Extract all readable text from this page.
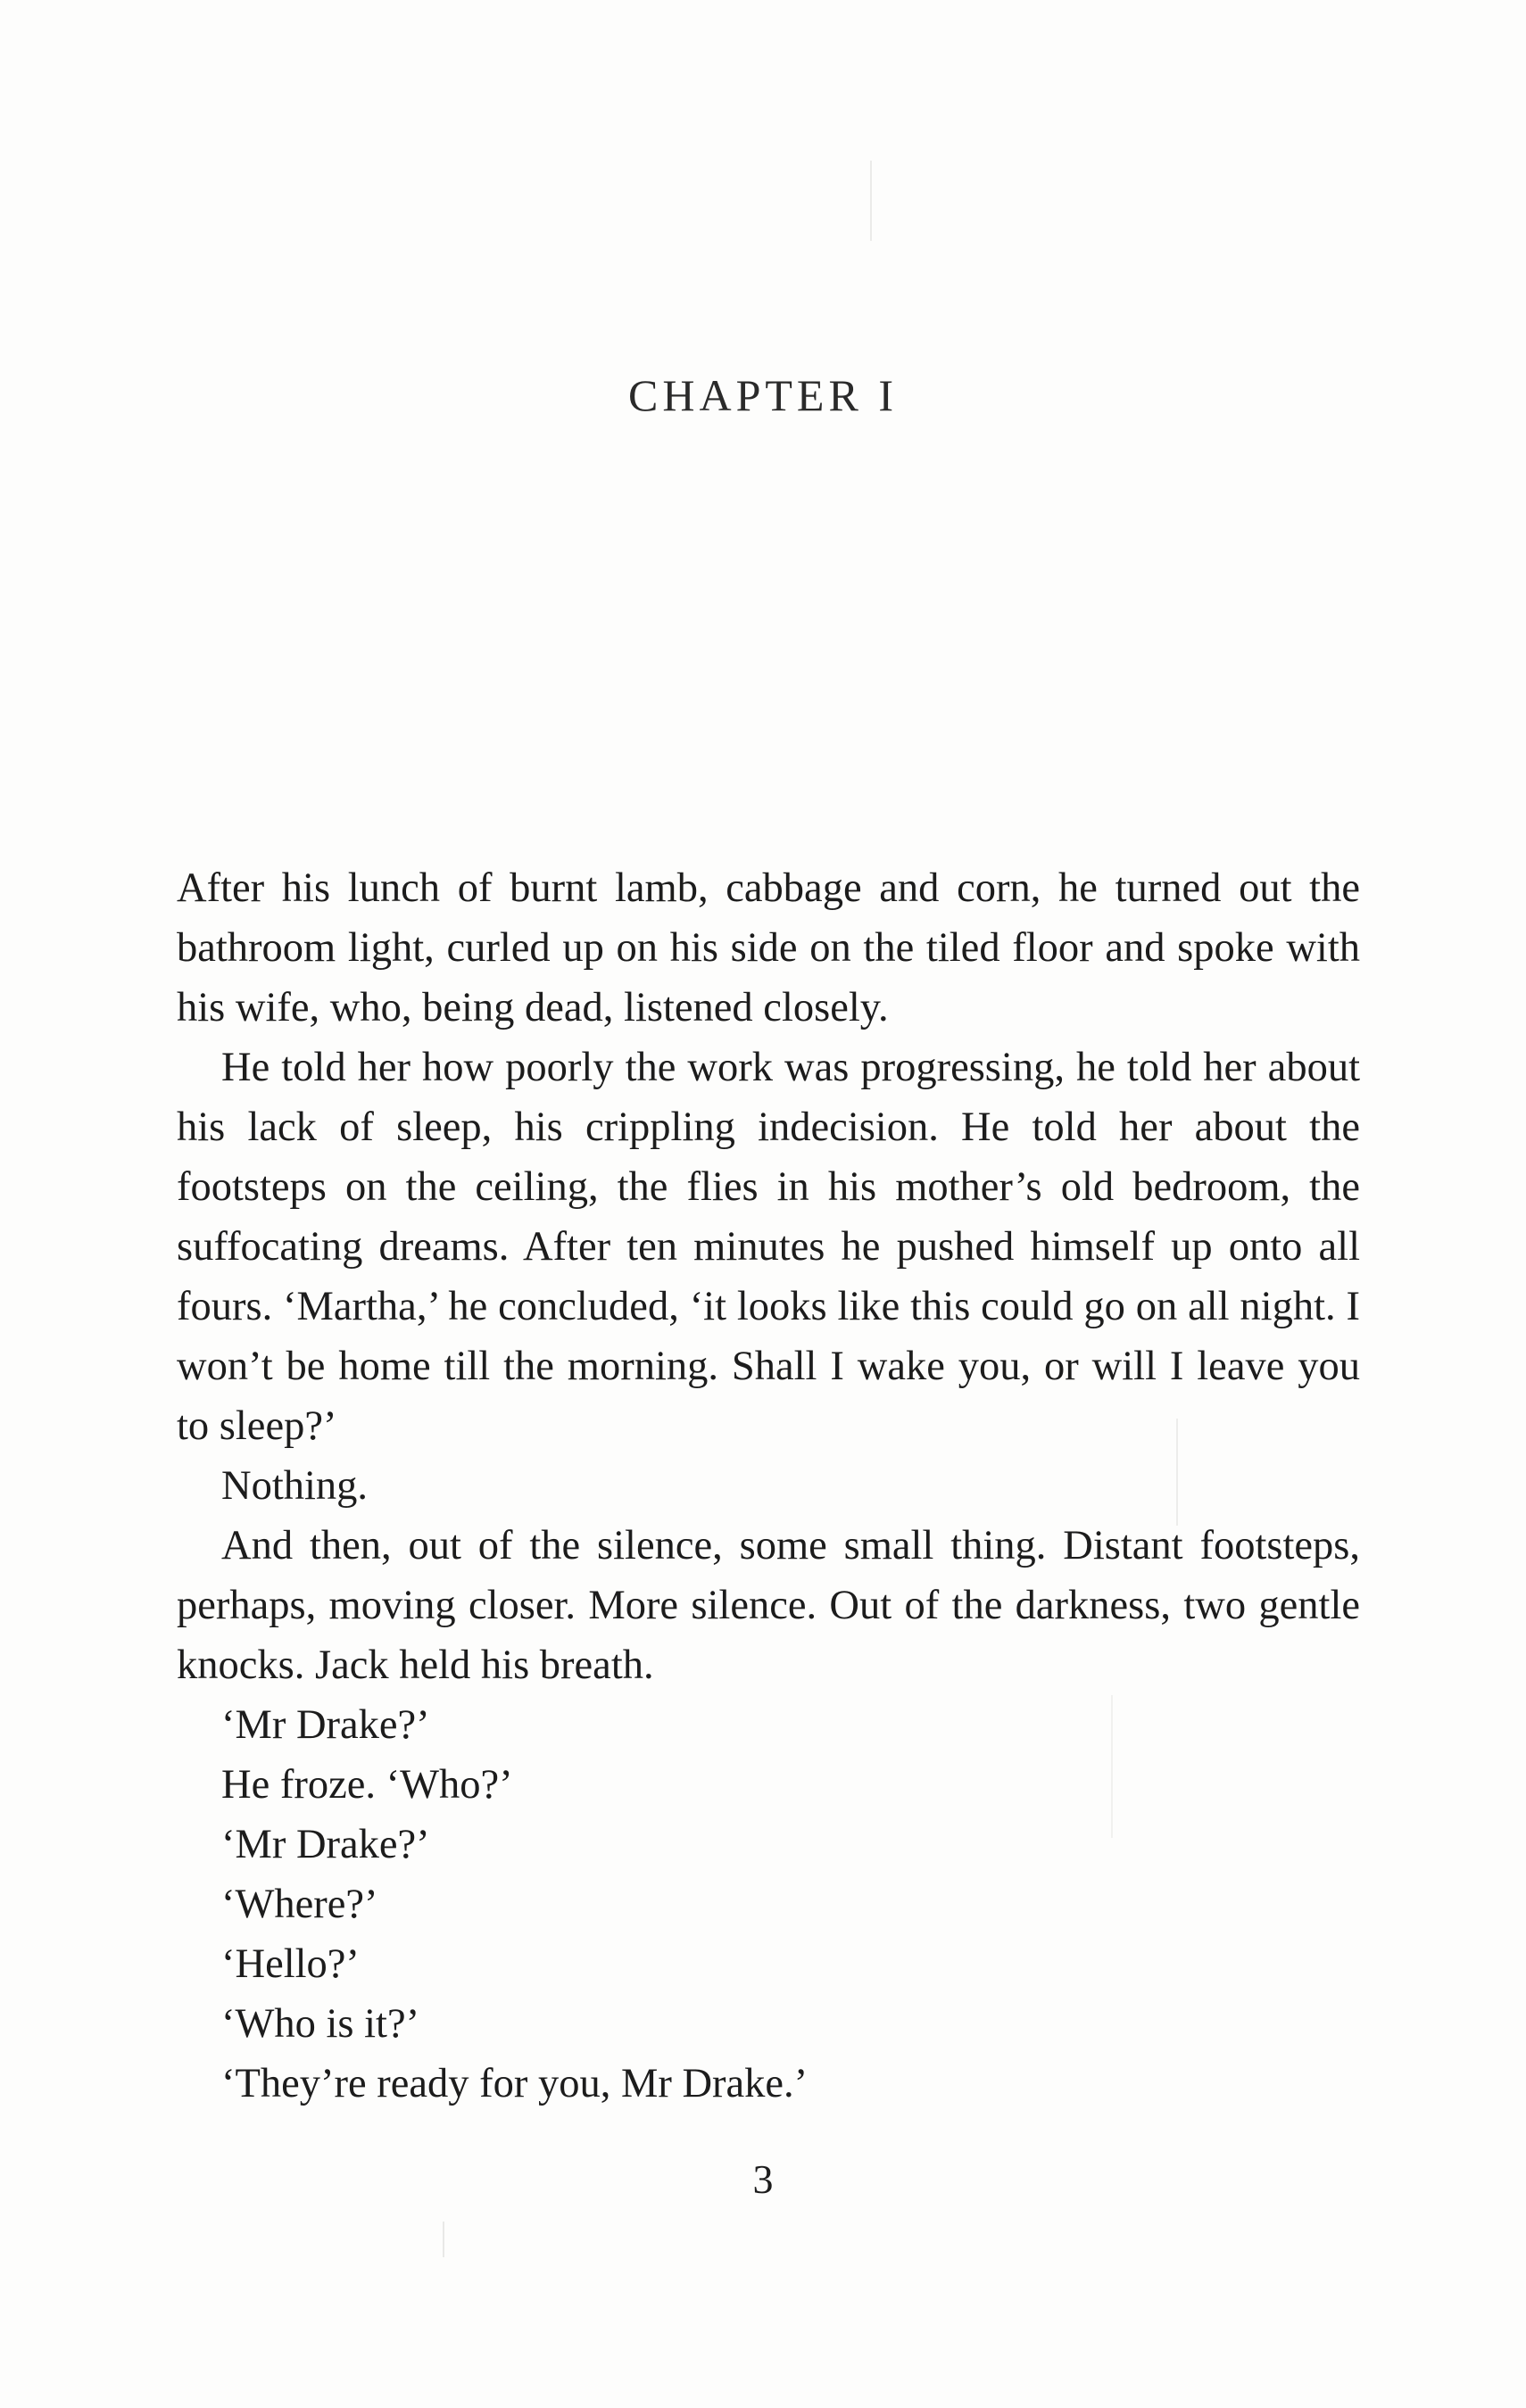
CHAPTER I

After his lunch of burnt lamb, cabbage and corn, he turned out the bathroom light, curled up on his side on the tiled floor and spoke with his wife, who, being dead, listened closely.

He told her how poorly the work was progressing, he told her about his lack of sleep, his crippling indecision. He told her about the footsteps on the ceiling, the flies in his mother’s old bedroom, the suffocating dreams. After ten minutes he pushed himself up onto all fours. ‘Martha,’ he concluded, ‘it looks like this could go on all night. I won’t be home till the morning. Shall I wake you, or will I leave you to sleep?’

Nothing.

And then, out of the silence, some small thing. Distant footsteps, perhaps, moving closer. More silence. Out of the darkness, two gentle knocks. Jack held his breath.

‘Mr Drake?’

He froze. ‘Who?’

‘Mr Drake?’

‘Where?’

‘Hello?’

‘Who is it?’

‘They’re ready for you, Mr Drake.’

3
